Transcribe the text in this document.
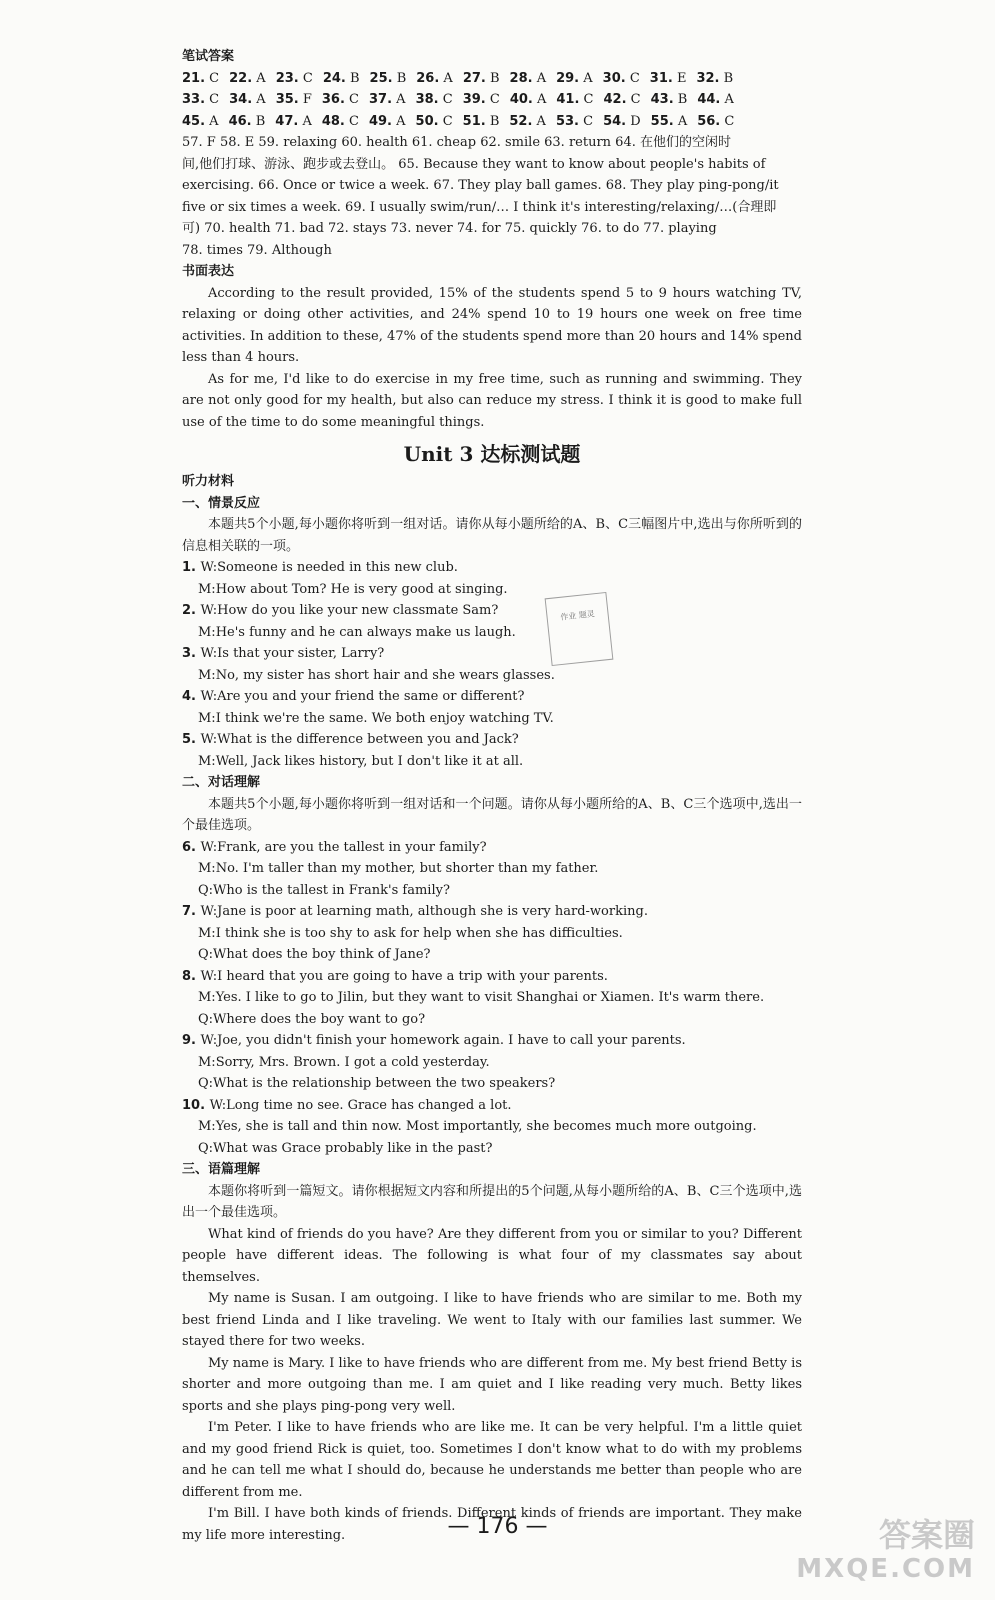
笔试答案
21. C 22. A 23. C 24. B 25. B 26. A 27. B 28. A 29. A 30. C 31. E 32. B
33. C 34. A 35. F 36. C 37. A 38. C 39. C 40. A 41. C 42. C 43. B 44. A
45. A 46. B 47. A 48. C 49. A 50. C 51. B 52. A 53. C 54. D 55. A 56. C
57. F 58. E 59. relaxing 60. health 61. cheap 62. smile 63. return 64. 在他们的空闲时
间,他们打球、游泳、跑步或去登山。 65. Because they want to know about people's habits of
exercising. 66. Once or twice a week. 67. They play ball games. 68. They play ping-pong/it
five or six times a week. 69. I usually swim/run/… I think it's interesting/relaxing/…(合理即
可) 70. health 71. bad 72. stays 73. never 74. for 75. quickly 76. to do 77. playing
78. times 79. Although
书面表达
According to the result provided, 15% of the students spend 5 to 9 hours watching TV, relaxing or doing other activities, and 24% spend 10 to 19 hours one week on free time activities. In addition to these, 47% of the students spend more than 20 hours and 14% spend less than 4 hours.
As for me, I'd like to do exercise in my free time, such as running and swimming. They are not only good for my health, but also can reduce my stress. I think it is good to make full use of the time to do some meaningful things.
Unit 3 达标测试题
听力材料
一、情景反应
本题共5个小题,每小题你将听到一组对话。请你从每小题所给的A、B、C三幅图片中,选出与你所听到的信息相关联的一项。
1. W:Someone is needed in this new club.
M:How about Tom? He is very good at singing.
2. W:How do you like your new classmate Sam?
M:He's funny and he can always make us laugh.
3. W:Is that your sister, Larry?
M:No, my sister has short hair and she wears glasses.
4. W:Are you and your friend the same or different?
M:I think we're the same. We both enjoy watching TV.
5. W:What is the difference between you and Jack?
M:Well, Jack likes history, but I don't like it at all.
二、对话理解
本题共5个小题,每小题你将听到一组对话和一个问题。请你从每小题所给的A、B、C三个选项中,选出一个最佳选项。
6. W:Frank, are you the tallest in your family?
M:No. I'm taller than my mother, but shorter than my father.
Q:Who is the tallest in Frank's family?
7. W:Jane is poor at learning math, although she is very hard-working.
M:I think she is too shy to ask for help when she has difficulties.
Q:What does the boy think of Jane?
8. W:I heard that you are going to have a trip with your parents.
M:Yes. I like to go to Jilin, but they want to visit Shanghai or Xiamen. It's warm there.
Q:Where does the boy want to go?
9. W:Joe, you didn't finish your homework again. I have to call your parents.
M:Sorry, Mrs. Brown. I got a cold yesterday.
Q:What is the relationship between the two speakers?
10. W:Long time no see. Grace has changed a lot.
M:Yes, she is tall and thin now. Most importantly, she becomes much more outgoing.
Q:What was Grace probably like in the past?
三、语篇理解
本题你将听到一篇短文。请你根据短文内容和所提出的5个问题,从每小题所给的A、B、C三个选项中,选出一个最佳选项。
What kind of friends do you have? Are they different from you or similar to you? Different people have different ideas. The following is what four of my classmates say about themselves.
My name is Susan. I am outgoing. I like to have friends who are similar to me. Both my best friend Linda and I like traveling. We went to Italy with our families last summer. We stayed there for two weeks.
My name is Mary. I like to have friends who are different from me. My best friend Betty is shorter and more outgoing than me. I am quiet and I like reading very much. Betty likes sports and she plays ping-pong very well.
I'm Peter. I like to have friends who are like me. It can be very helpful. I'm a little quiet and my good friend Rick is quiet, too. Sometimes I don't know what to do with my problems and he can tell me what I should do, because he understands me better than people who are different from me.
I'm Bill. I have both kinds of friends. Different kinds of friends are important. They make my life more interesting.
作业 题灵
— 176 —	答案圈
MXQE.COM
